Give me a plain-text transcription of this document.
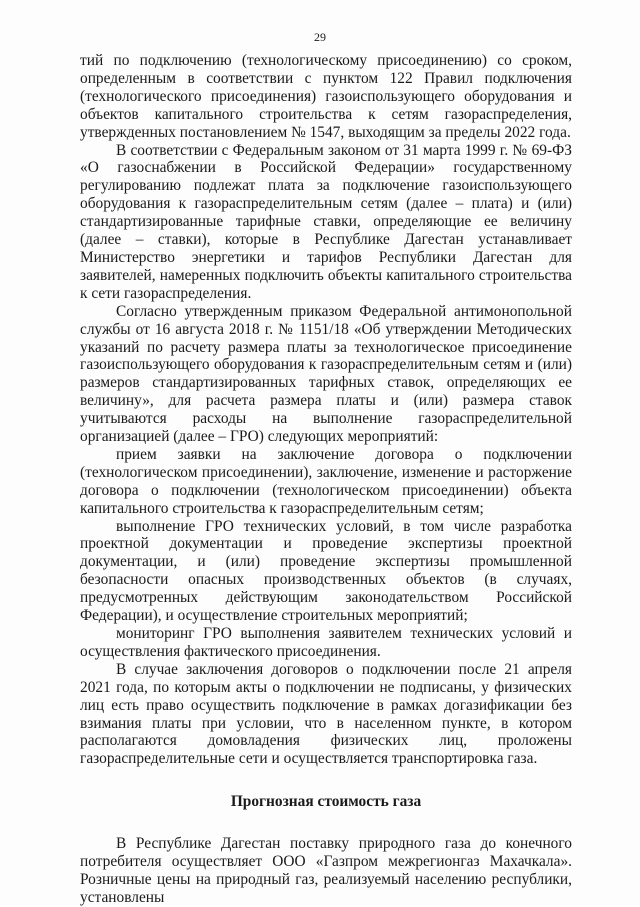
29

тий по подключению (технологическому присоединению) со сроком, определенным в соответствии с пунктом 122 Правил подключения (технологического присоединения) газоиспользующего оборудования и объектов капитального строительства к сетям газораспределения, утвержденных постановлением № 1547, выходящим за пределы 2022 года.

В соответствии с Федеральным законом от 31 марта 1999 г. № 69-ФЗ «О газоснабжении в Российской Федерации» государственному регулированию подлежат плата за подключение газоиспользующего оборудования к газораспределительным сетям (далее – плата) и (или) стандартизированные тарифные ставки, определяющие ее величину (далее – ставки), которые в Республике Дагестан устанавливает Министерство энергетики и тарифов Республики Дагестан для заявителей, намеренных подключить объекты капитального строительства к сети газораспределения.

Согласно утвержденным приказом Федеральной антимонопольной службы от 16 августа 2018 г. № 1151/18 «Об утверждении Методических указаний по расчету размера платы за технологическое присоединение газоиспользующего оборудования к газораспределительным сетям и (или) размеров стандартизированных тарифных ставок, определяющих ее величину», для расчета размера платы и (или) размера ставок учитываются расходы на выполнение газораспределительной организацией (далее – ГРО) следующих мероприятий:

прием заявки на заключение договора о подключении (технологическом присоединении), заключение, изменение и расторжение договора о подключении (технологическом присоединении) объекта капитального строительства к газораспределительным сетям;

выполнение ГРО технических условий, в том числе разработка проектной документации и проведение экспертизы проектной документации, и (или) проведение экспертизы промышленной безопасности опасных производственных объектов (в случаях, предусмотренных действующим законодательством Российской Федерации), и осуществление строительных мероприятий;

мониторинг ГРО выполнения заявителем технических условий и осуществления фактического присоединения.

В случае заключения договоров о подключении после 21 апреля 2021 года, по которым акты о подключении не подписаны, у физических лиц есть право осуществить подключение в рамках догазификации без взимания платы при условии, что в населенном пункте, в котором располагаются домовладения физических лиц, проложены газораспределительные сети и осуществляется транспортировка газа.

Прогнозная стоимость газа

В Республике Дагестан поставку природного газа до конечного потребителя осуществляет ООО «Газпром межрегионгаз Махачкала». Розничные цены на природный газ, реализуемый населению республики, установлены
